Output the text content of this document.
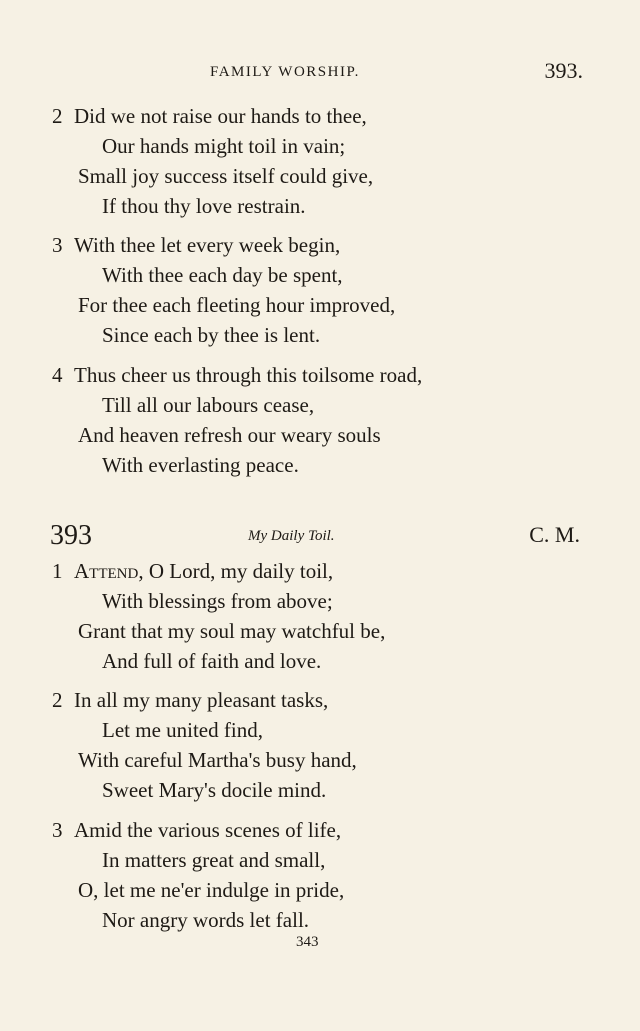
FAMILY WORSHIP.	393.
2 Did we not raise our hands to thee,
Our hands might toil in vain;
Small joy success itself could give,
If thou thy love restrain.
3 With thee let every week begin,
With thee each day be spent,
For thee each fleeting hour improved,
Since each by thee is lent.
4 Thus cheer us through this toilsome road,
Till all our labours cease,
And heaven refresh our weary souls
With everlasting peace.
393	My Daily Toil.	C. M.
1 Attend, O Lord, my daily toil,
With blessings from above;
Grant that my soul may watchful be,
And full of faith and love.
2 In all my many pleasant tasks,
Let me united find,
With careful Martha's busy hand,
Sweet Mary's docile mind.
3 Amid the various scenes of life,
In matters great and small,
O, let me ne'er indulge in pride,
Nor angry words let fall.
343
